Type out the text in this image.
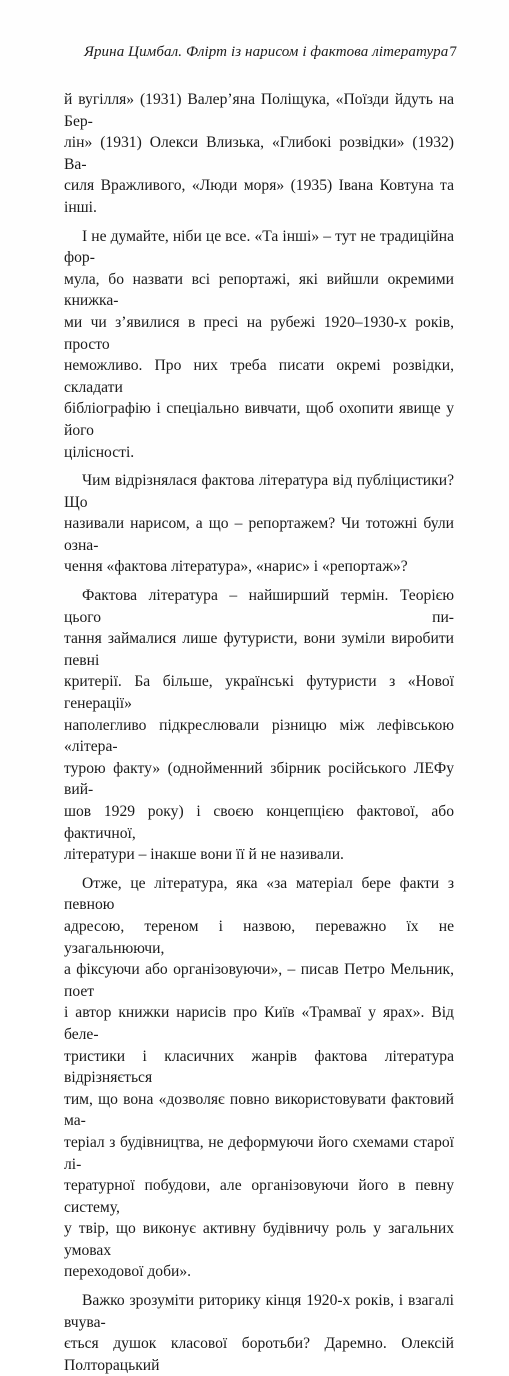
Ярина Цимбал. Флірт із нарисом і фактова література 7

й вугілля» (1931) Валер’яна Поліщука, «Поїзди йдуть на Бер-
лін» (1931) Олекси Влизька, «Глибокі розвідки» (1932) Ва-
силя Вражливого, «Люди моря» (1935) Івана Ковтуна та інші.

І не думайте, ніби це все. «Та інші» – тут не традиційна фор-
мула, бо назвати всі репортажі, які вийшли окремими книжка-
ми чи з’явилися в пресі на рубежі 1920–1930-х років, просто
неможливо. Про них треба писати окремі розвідки, складати
бібліографію і спеціально вивчати, щоб охопити явище у його
цілісності.

Чим відрізнялася фактова література від публіцистики? Що
називали нарисом, а що – репортажем? Чи тотожні були озна-
чення «фактова література», «нарис» і «репортаж»?

Фактова література – найширший термін. Теорією цього пи-
тання займалися лише футуристи, вони зуміли виробити певні
критерії. Ба більше, українські футуристи з «Нової генерації»
наполегливо підкреслювали різницю між лефівською «літера-
турою факту» (однойменний збірник російського ЛЕФу вий-
шов 1929 року) і своєю концепцією фактової, або фактичної,
літератури – інакше вони її й не називали.

Отже, це література, яка «за матеріал бере факти з певною
адресою, тереном і назвою, переважно їх не узагальнюючи,
а фіксуючи або організовуючи», – писав Петро Мельник, поет
і автор книжки нарисів про Київ «Трамваї у ярах». Від беле-
тристики і класичних жанрів фактова література відрізняється
тим, що вона «дозволяє повно використовувати фактовий ма-
теріал з будівництва, не деформуючи його схемами старої лі-
тературної побудови, але організовуючи його в певну систему,
у твір, що виконує активну будівничу роль у загальних умовах
переходової доби».

Важко зрозуміти риторику кінця 1920-х років, і взагалі вчува-
ється душок класової боротьби? Даремно. Олексій Полторацький
